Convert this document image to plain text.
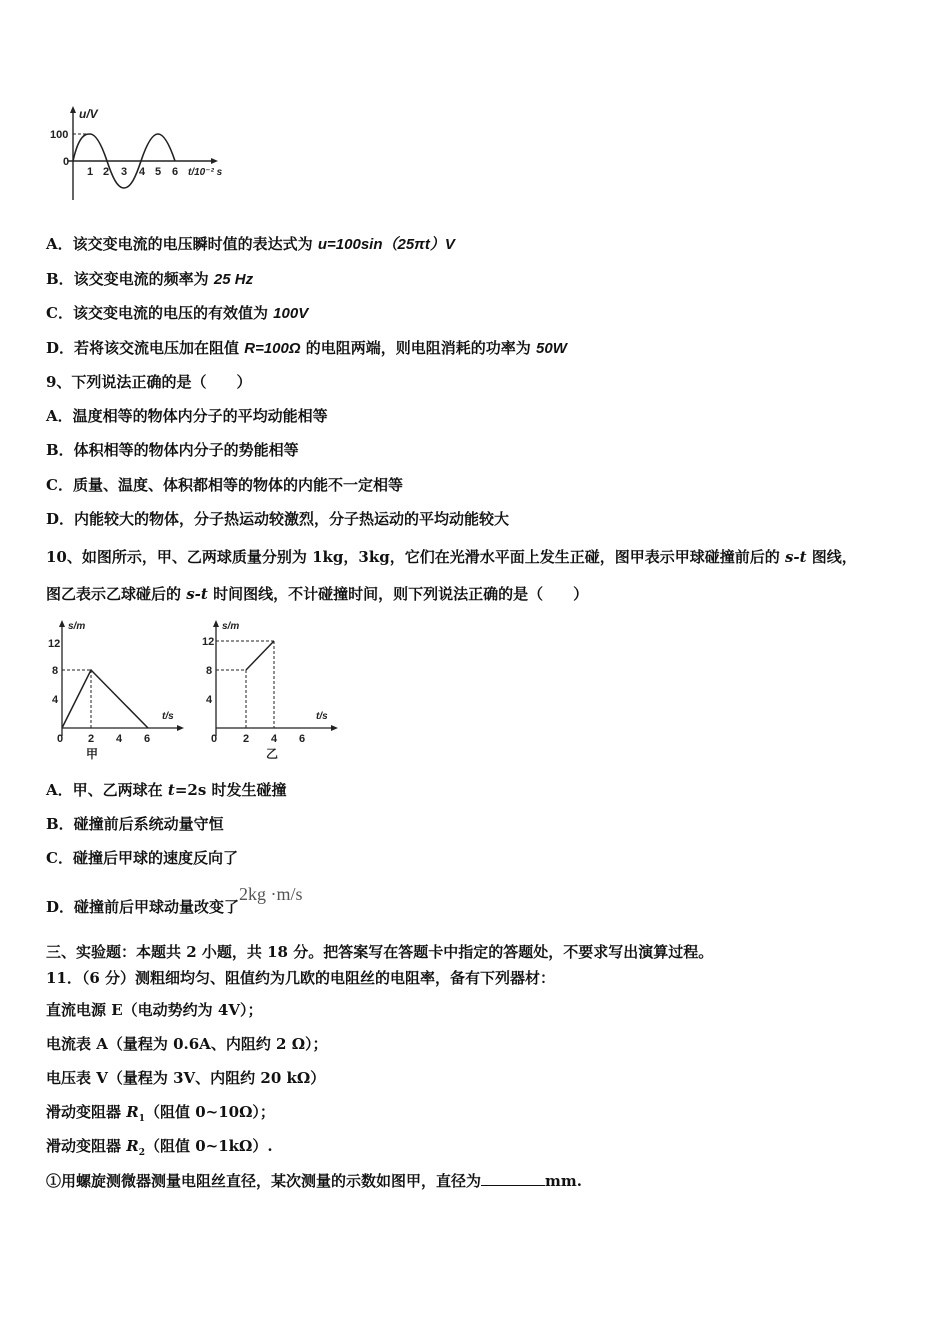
u/V
100
0
1 2 3 4 5 6 t/10⁻² s
A．该交变电流的电压瞬时值的表达式为 u=100sin（25πt）V
B．该交变电流的频率为 25 Hz
C．该交变电流的电压的有效值为 100V
D．若将该交流电压加在阻值 R=100Ω 的电阻两端，则电阻消耗的功率为 50W
9、下列说法正确的是（　　）
A．温度相等的物体内分子的平均动能相等
B．体积相等的物体内分子的势能相等
C．质量、温度、体积都相等的物体的内能不一定相等
D．内能较大的物体，分子热运动较激烈，分子热运动的平均动能较大
10、如图所示，甲、乙两球质量分别为 1kg，3kg，它们在光滑水平面上发生正碰，图甲表示甲球碰撞前后的 s-t 图线，
图乙表示乙球碰后的 s-t 时间图线，不计碰撞时间，则下列说法正确的是（　　）
s/m
12
8
4
t/s
0 2 4 6
甲
s/m
12
8
4
t/s
0 2 4 6
乙
A．甲、乙两球在 t=2s 时发生碰撞
B．碰撞前后系统动量守恒
C．碰撞后甲球的速度反向了
D．碰撞前后甲球动量改变了2kg ·m/s
三、实验题：本题共 2 小题，共 18 分。把答案写在答题卡中指定的答题处，不要求写出演算过程。
11．（6 分）测粗细均匀、阻值约为几欧的电阻丝的电阻率，备有下列器材：
直流电源 E（电动势约为 4V）；
电流表 A（量程为 0.6A、内阻约 2 Ω）；
电压表 V（量程为 3V、内阻约 20 kΩ）
滑动变阻器 $R_1$（阻值 0~10Ω）；
滑动变阻器 $R_2$（阻值 0~1kΩ）.
①用螺旋测微器测量电阻丝直径，某次测量的示数如图甲，直径为	mm.
